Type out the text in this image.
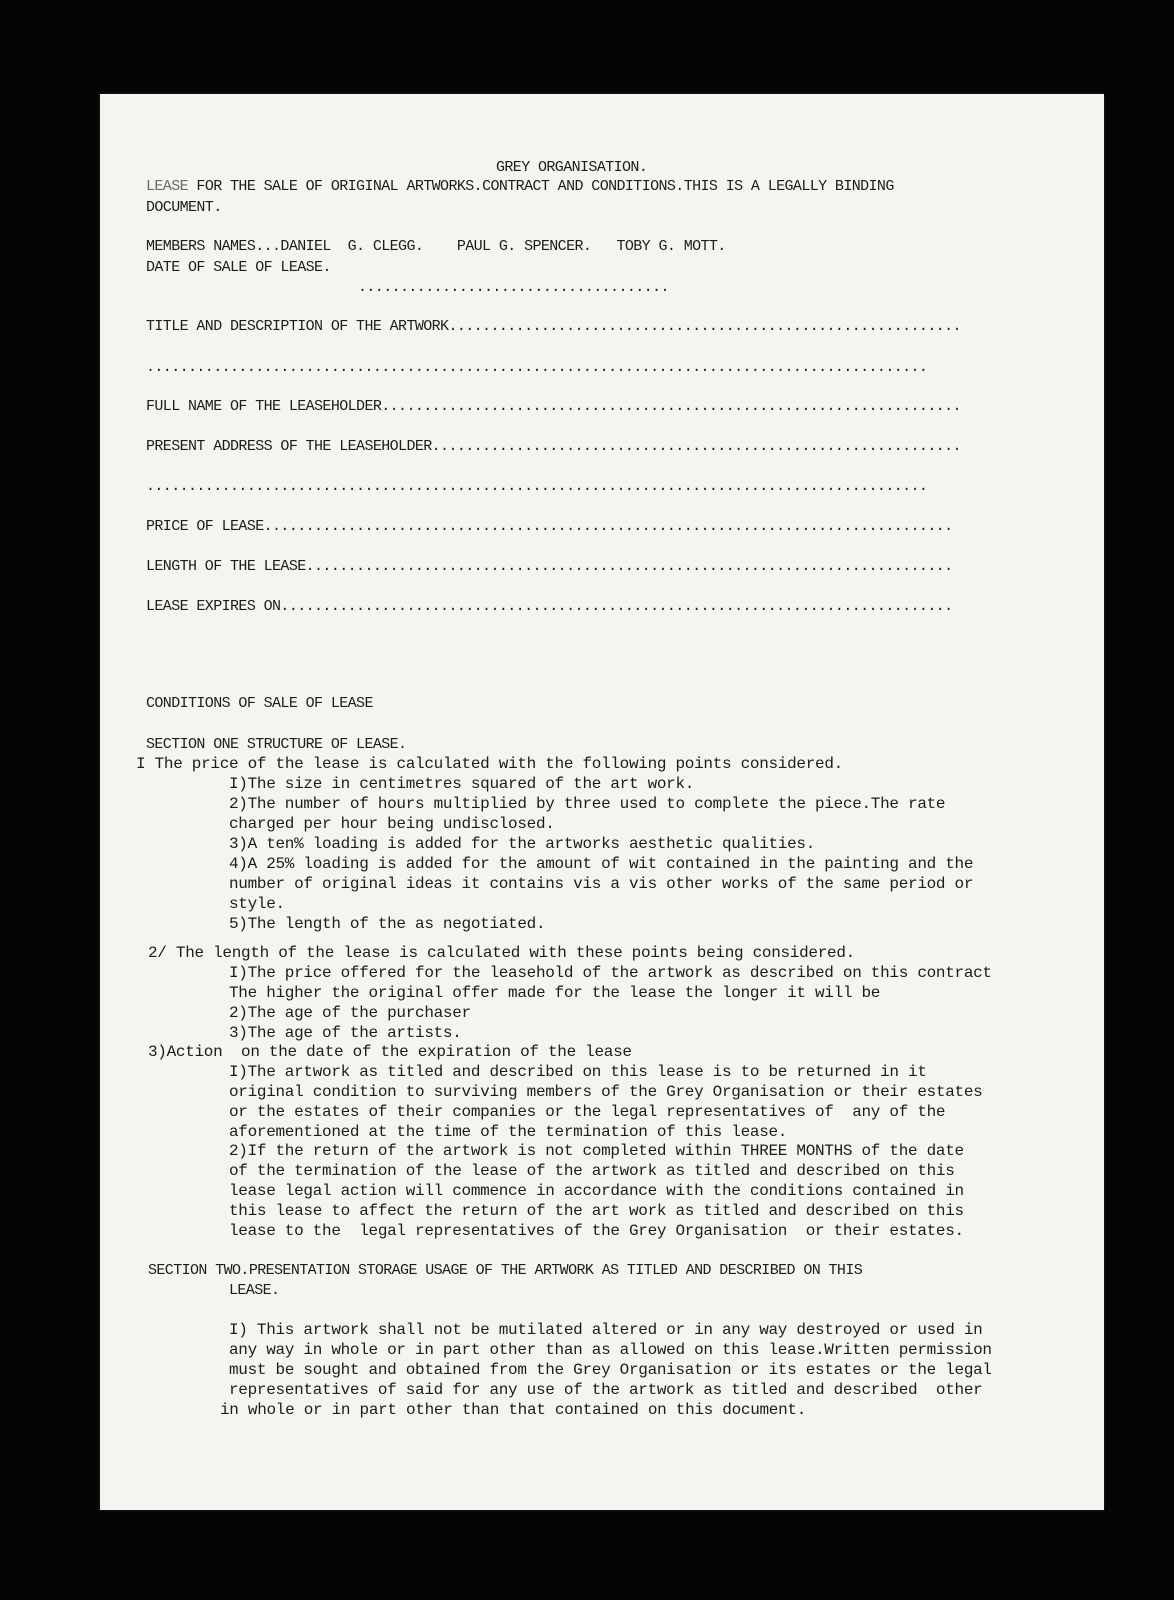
GREY ORGANISATION.
LEASE FOR THE SALE OF ORIGINAL ARTWORKS.CONTRACT AND CONDITIONS.THIS IS A LEGALLY BINDING
DOCUMENT.
MEMBERS NAMES...DANIEL  G. CLEGG.    PAUL G. SPENCER.   TOBY G. MOTT.
DATE OF SALE OF LEASE.
.....................................
TITLE AND DESCRIPTION OF THE ARTWORK.............................................................
.............................................................................................
FULL NAME OF THE LEASEHOLDER.....................................................................
PRESENT ADDRESS OF THE LEASEHOLDER...............................................................
.............................................................................................
PRICE OF LEASE..................................................................................
LENGTH OF THE LEASE.............................................................................
LEASE EXPIRES ON................................................................................
CONDITIONS OF SALE OF LEASE
SECTION ONE STRUCTURE OF LEASE.
I The price of the lease is calculated with the following points considered.
I)The size in centimetres squared of the art work.
2)The number of hours multiplied by three used to complete the piece.The rate
charged per hour being undisclosed.
3)A ten% loading is added for the artworks aesthetic qualities.
4)A 25% loading is added for the amount of wit contained in the painting and the
number of original ideas it contains vis a vis other works of the same period or
style.
5)The length of the as negotiated.
2/ The length of the lease is calculated with these points being considered.
I)The price offered for the leasehold of the artwork as described on this contract
The higher the original offer made for the lease the longer it will be
2)The age of the purchaser
3)The age of the artists.
3)Action  on the date of the expiration of the lease
I)The artwork as titled and described on this lease is to be returned in it
original condition to surviving members of the Grey Organisation or their estates
or the estates of their companies or the legal representatives of  any of the
aforementioned at the time of the termination of this lease.
2)If the return of the artwork is not completed within THREE MONTHS of the date
of the termination of the lease of the artwork as titled and described on this
lease legal action will commence in accordance with the conditions contained in
this lease to affect the return of the art work as titled and described on this
lease to the  legal representatives of the Grey Organisation  or their estates.
SECTION TWO.PRESENTATION STORAGE USAGE OF THE ARTWORK AS TITLED AND DESCRIBED ON THIS
LEASE.
I) This artwork shall not be mutilated altered or in any way destroyed or used in
any way in whole or in part other than as allowed on this lease.Written permission
must be sought and obtained from the Grey Organisation or its estates or the legal
representatives of said for any use of the artwork as titled and described  other
in whole or in part other than that contained on this document.
